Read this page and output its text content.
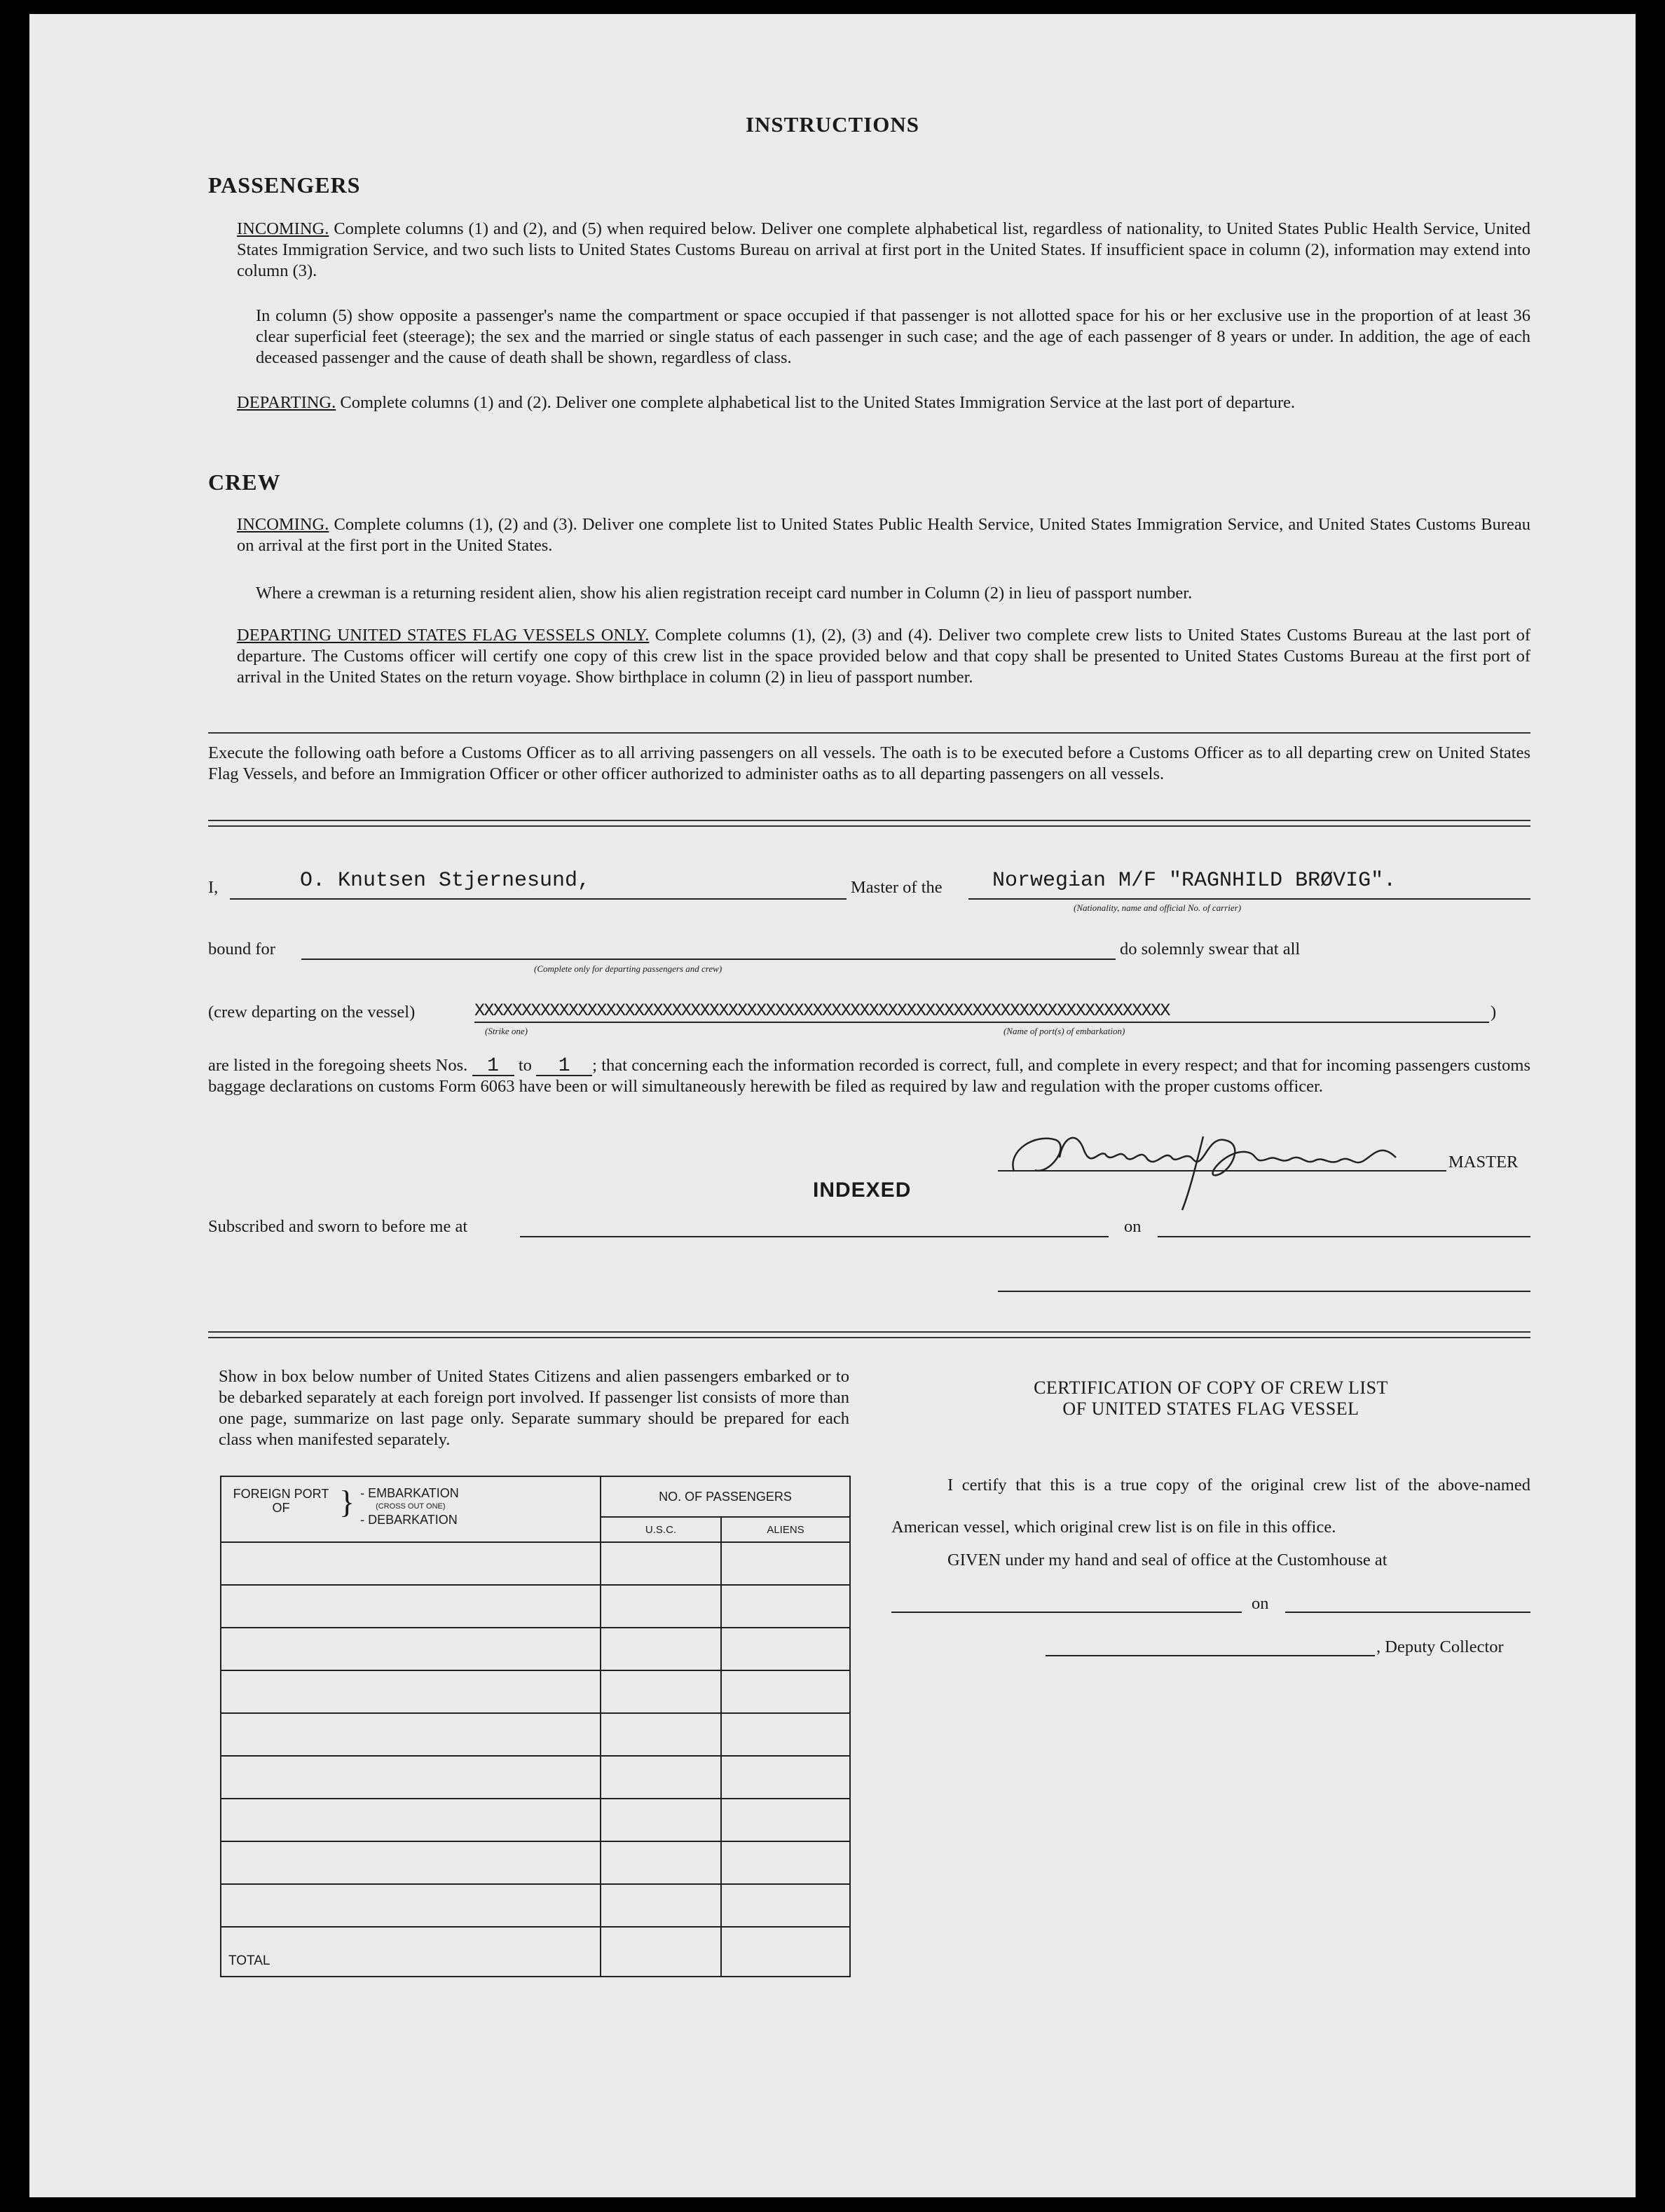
INSTRUCTIONS
PASSENGERS
INCOMING. Complete columns (1) and (2), and (5) when required below. Deliver one complete alphabetical list, regardless of nationality, to United States Public Health Service, United States Immigration Service, and two such lists to United States Customs Bureau on arrival at first port in the United States. If insufficient space in column (2), information may extend into column (3).
In column (5) show opposite a passenger's name the compartment or space occupied if that passenger is not allotted space for his or her exclusive use in the proportion of at least 36 clear superficial feet (steerage); the sex and the married or single status of each passenger in such case; and the age of each passenger of 8 years or under. In addition, the age of each deceased passenger and the cause of death shall be shown, regardless of class.
DEPARTING. Complete columns (1) and (2). Deliver one complete alphabetical list to the United States Immigration Service at the last port of departure.
CREW
INCOMING. Complete columns (1), (2) and (3). Deliver one complete list to United States Public Health Service, United States Immigration Service, and United States Customs Bureau on arrival at the first port in the United States.
Where a crewman is a returning resident alien, show his alien registration receipt card number in Column (2) in lieu of passport number.
DEPARTING UNITED STATES FLAG VESSELS ONLY. Complete columns (1), (2), (3) and (4). Deliver two complete crew lists to United States Customs Bureau at the last port of departure. The Customs officer will certify one copy of this crew list in the space provided below and that copy shall be presented to United States Customs Bureau at the first port of arrival in the United States on the return voyage. Show birthplace in column (2) in lieu of passport number.
Execute the following oath before a Customs Officer as to all arriving passengers on all vessels. The oath is to be executed before a Customs Officer as to all departing crew on United States Flag Vessels, and before an Immigration Officer or other officer authorized to administer oaths as to all departing passengers on all vessels.
I,	O. Knutsen Stjernesund,	Master of the Norwegian M/F "RAGNHILD BRØVIG".
(Nationality, name and official No. of carrier)
bound for
(Complete only for departing passengers and crew)
do solemnly swear that all
(crew departing on the vessel)	XXXXXXXXXXXXXXXXXXXXXXXXXXXXXXXXXXXXXXXXXXXXXXXXXXXXXXXXXXXXXXXXXXXXXXXXXX	)
(Strike one)	(Name of port(s) of embarkation)
are listed in the foregoing sheets Nos. 1 to 1 ; that concerning each the information recorded is correct, full, and complete in every respect; and that for incoming passengers customs baggage declarations on customs Form 6063 have been or will simultaneously herewith be filed as required by law and regulation with the proper customs officer.
MASTER
INDEXED
Subscribed and sworn to before me at	on
Show in box below number of United States Citizens and alien passengers embarked or to be debarked separately at each foreign port involved. If passenger list consists of more than one page, summarize on last page only. Separate summary should be prepared for each class when manifested separately.
FOREIGN PORT OF } - EMBARKATION
(CROSS OUT ONE)
- DEBARKATION	NO. OF PASSENGERS	
	U.S.C.	ALIENS

TOTAL		
CERTIFICATION OF COPY OF CREW LIST
OF UNITED STATES FLAG VESSEL
I certify that this is a true copy of the original crew list of the above-named American vessel, which original crew list is on file in this office.
GIVEN under my hand and seal of office at the Customhouse at
on
, Deputy Collector
